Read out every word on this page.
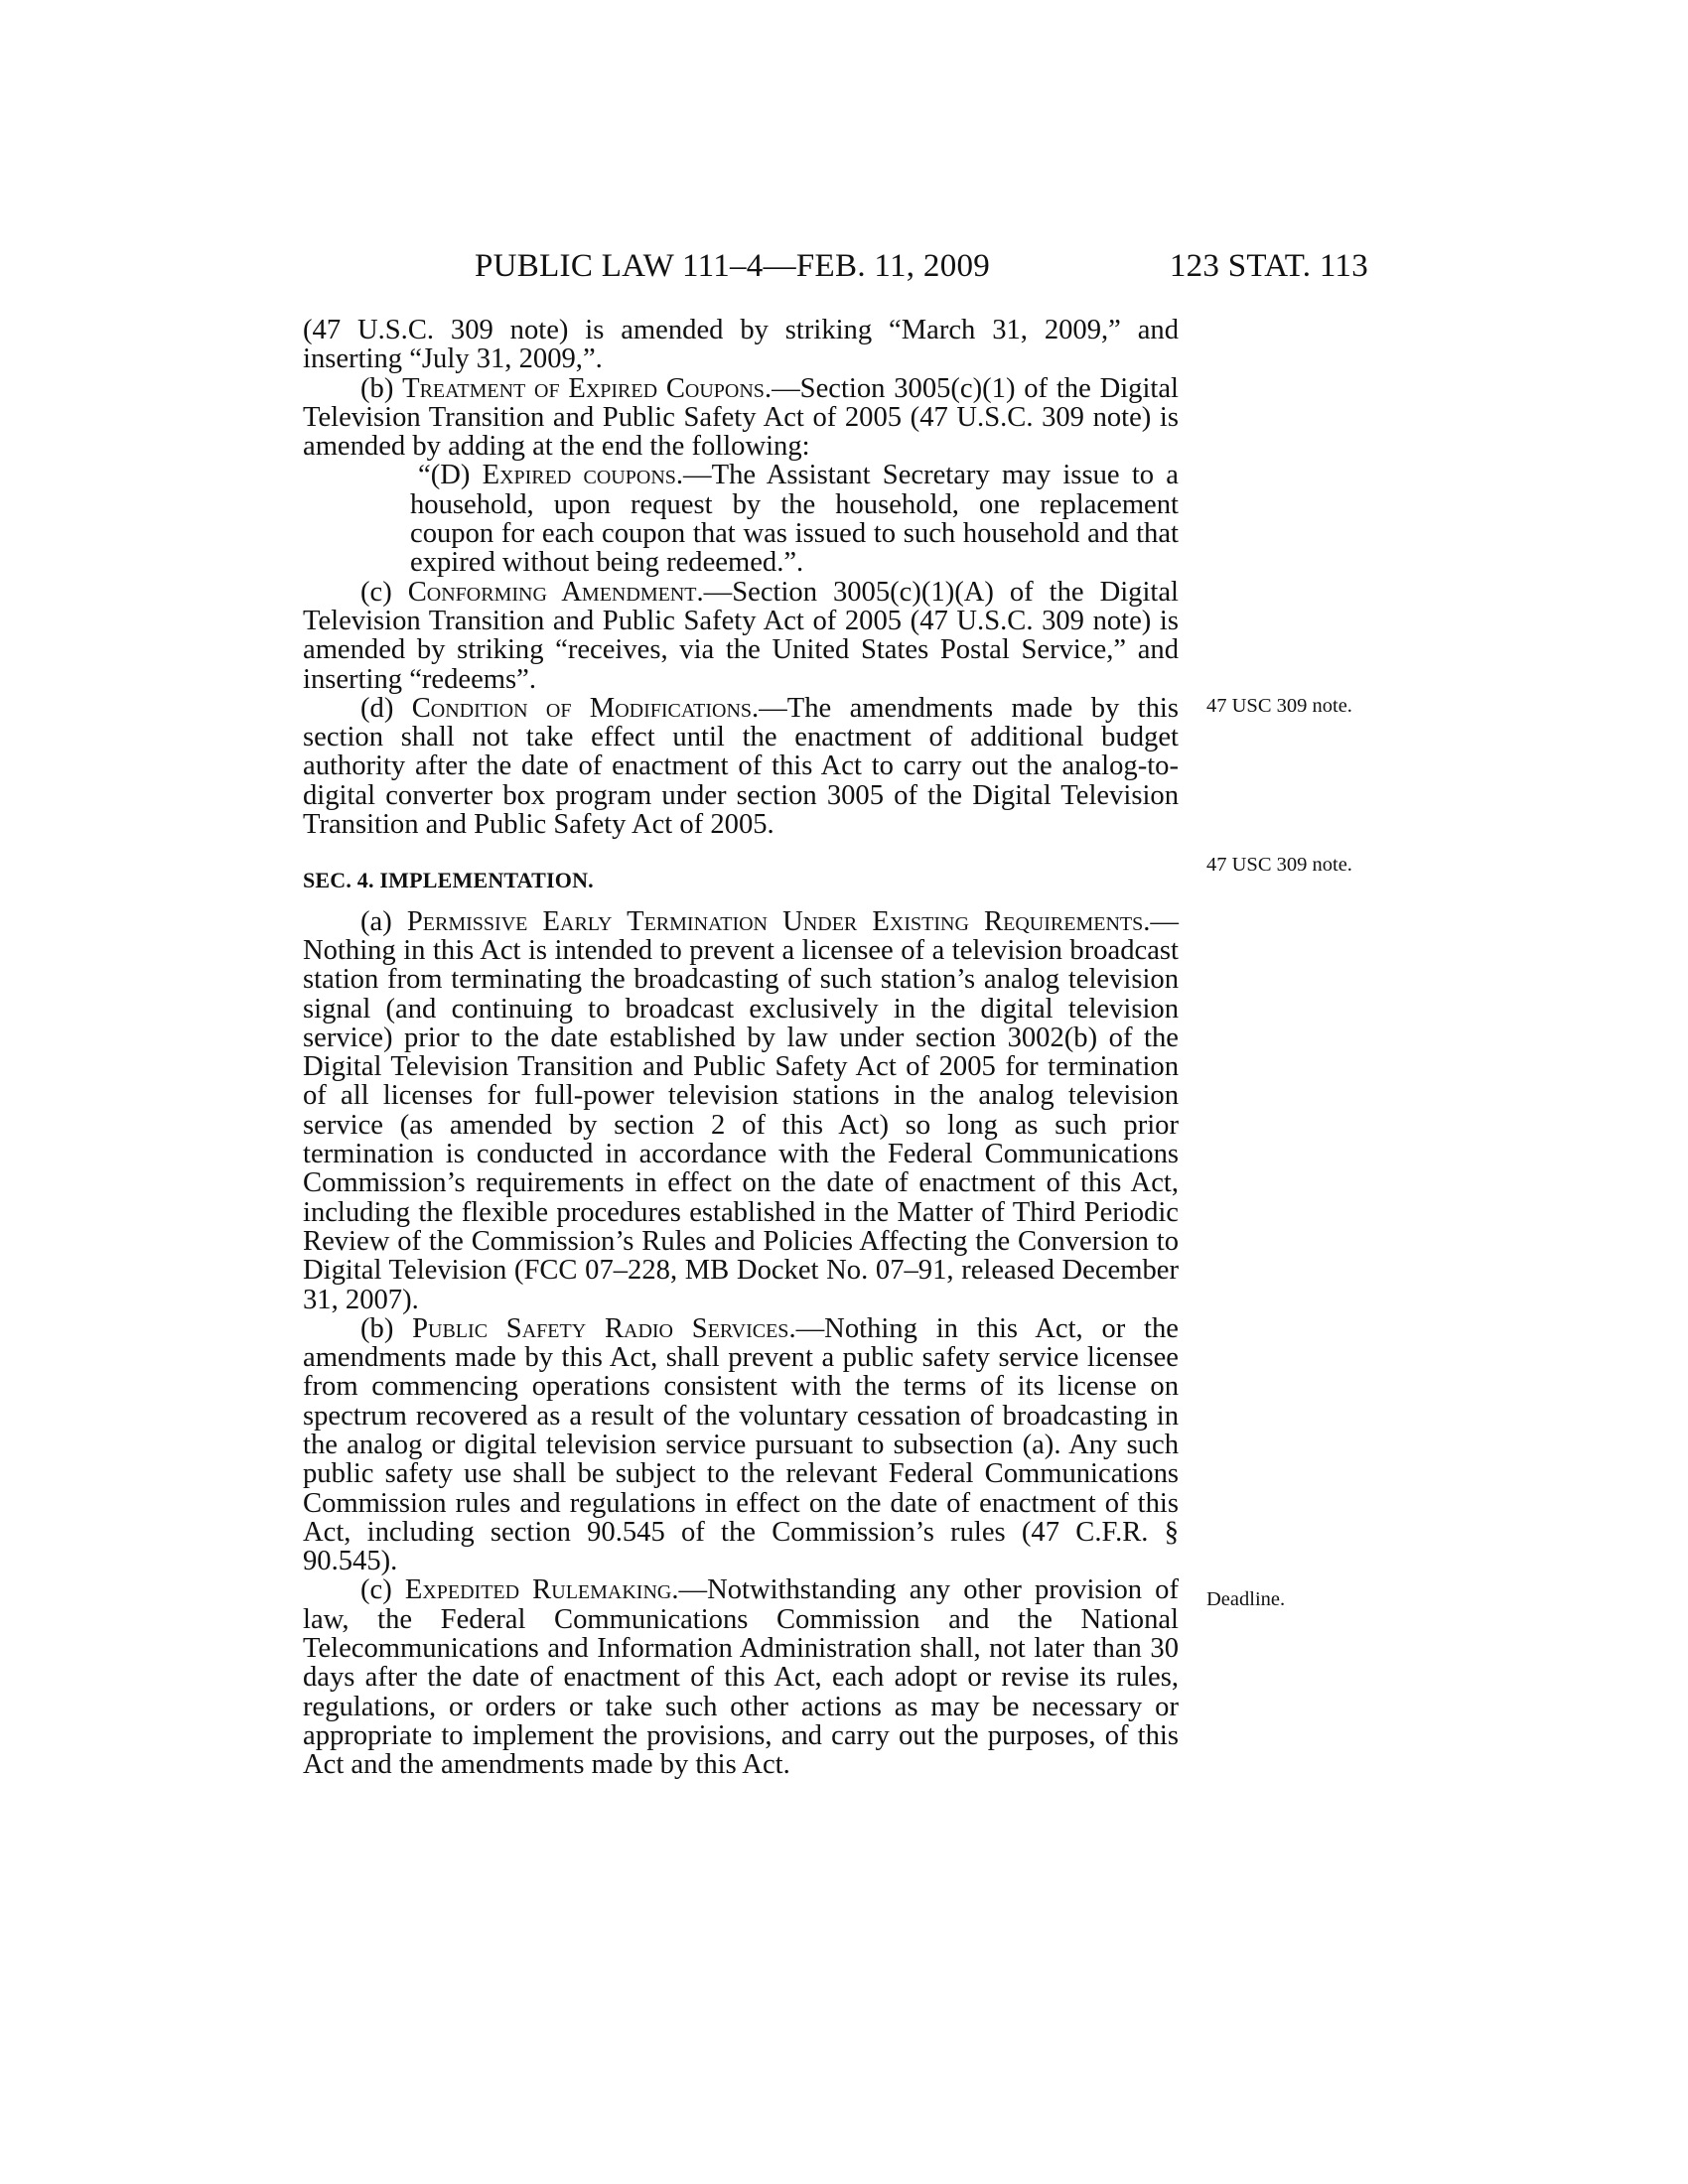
PUBLIC LAW 111–4—FEB. 11, 2009	123 STAT. 113

(47 U.S.C. 309 note) is amended by striking “March 31, 2009,” and inserting “July 31, 2009,”.

(b) Treatment of Expired Coupons.—Section 3005(c)(1) of the Digital Television Transition and Public Safety Act of 2005 (47 U.S.C. 309 note) is amended by adding at the end the following:

“(D) Expired coupons.—The Assistant Secretary may issue to a household, upon request by the household, one replacement coupon for each coupon that was issued to such household and that expired without being redeemed.”.

(c) Conforming Amendment.—Section 3005(c)(1)(A) of the Digital Television Transition and Public Safety Act of 2005 (47 U.S.C. 309 note) is amended by striking “receives, via the United States Postal Service,” and inserting “redeems”.

(d) Condition of Modifications.—The amendments made by this section shall not take effect until the enactment of additional budget authority after the date of enactment of this Act to carry out the analog-to-digital converter box program under section 3005 of the Digital Television Transition and Public Safety Act of 2005.

SEC. 4. IMPLEMENTATION.

(a) Permissive Early Termination Under Existing Requirements.—Nothing in this Act is intended to prevent a licensee of a television broadcast station from terminating the broadcasting of such station’s analog television signal (and continuing to broadcast exclusively in the digital television service) prior to the date established by law under section 3002(b) of the Digital Television Transition and Public Safety Act of 2005 for termination of all licenses for full-power television stations in the analog television service (as amended by section 2 of this Act) so long as such prior termination is conducted in accordance with the Federal Communications Commission’s requirements in effect on the date of enactment of this Act, including the flexible procedures established in the Matter of Third Periodic Review of the Commission’s Rules and Policies Affecting the Conversion to Digital Television (FCC 07–228, MB Docket No. 07–91, released December 31, 2007).

(b) Public Safety Radio Services.—Nothing in this Act, or the amendments made by this Act, shall prevent a public safety service licensee from commencing operations consistent with the terms of its license on spectrum recovered as a result of the voluntary cessation of broadcasting in the analog or digital television service pursuant to subsection (a). Any such public safety use shall be subject to the relevant Federal Communications Commission rules and regulations in effect on the date of enactment of this Act, including section 90.545 of the Commission’s rules (47 C.F.R. § 90.545).

(c) Expedited Rulemaking.—Notwithstanding any other provision of law, the Federal Communications Commission and the National Telecommunications and Information Administration shall, not later than 30 days after the date of enactment of this Act, each adopt or revise its rules, regulations, or orders or take such other actions as may be necessary or appropriate to implement the provisions, and carry out the purposes, of this Act and the amendments made by this Act.

47 USC 309 note.
47 USC 309 note.
Deadline.
